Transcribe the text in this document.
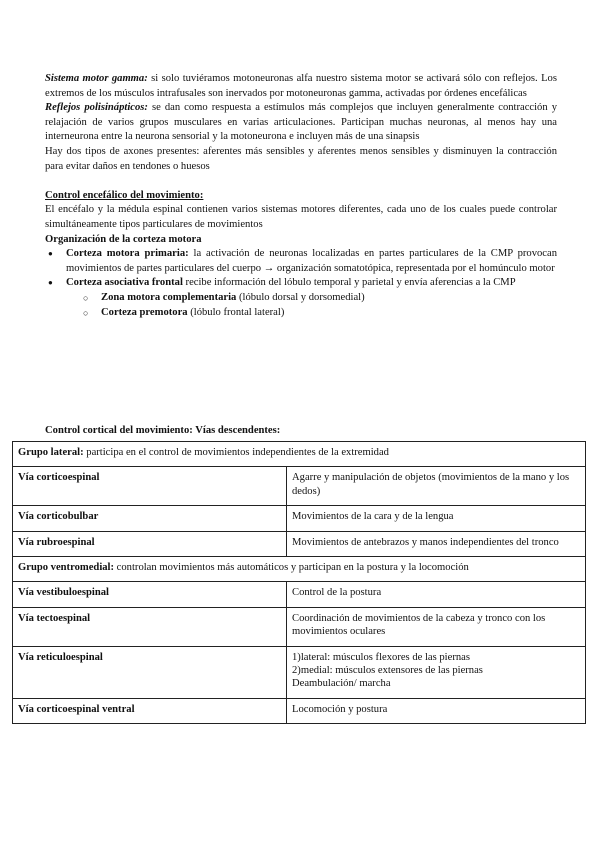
Sistema motor gamma: si solo tuviéramos motoneuronas alfa nuestro sistema motor se activará sólo con reflejos. Los extremos de los músculos intrafusales son inervados por motoneuronas gamma, activadas por órdenes encefálicas

Reflejos polisinápticos: se dan como respuesta a estímulos más complejos que incluyen generalmente contracción y relajación de varios grupos musculares en varias articulaciones. Participan muchas neuronas, al menos hay una interneurona entre la neurona sensorial y la motoneurona e incluyen más de una sinapsis

Hay dos tipos de axones presentes: aferentes más sensibles y aferentes menos sensibles y disminuyen la contracción para evitar daños en tendones o huesos

Control encefálico del movimiento:

El encéfalo y la médula espinal contienen varios sistemas motores diferentes, cada uno de los cuales puede controlar simultáneamente tipos particulares de movimientos

Organización de la corteza motora

● Corteza motora primaria: la activación de neuronas localizadas en partes particulares de la CMP provocan movimientos de partes particulares del cuerpo → organización somatotópica, representada por el homúnculo motor
● Corteza asociativa frontal recibe información del lóbulo temporal y parietal y envía aferencias a la CMP
○ Zona motora complementaria (lóbulo dorsal y dorsomedial)
○ Corteza premotora (lóbulo frontal lateral)
Control cortical del movimiento: Vías descendentes:
Grupo lateral: participa en el control de movimientos independientes de la extremidad	
Vía corticoespinal	Agarre y manipulación de objetos (movimientos de la mano y los dedos)
Vía corticobulbar	Movimientos de la cara y de la lengua
Vía rubroespinal	Movimientos de antebrazos y manos independientes del tronco
Grupo ventromedial: controlan movimientos más automáticos y participan en la postura y la locomoción	
Vía vestibuloespinal	Control de la postura
Vía tectoespinal	Coordinación de movimientos de la cabeza y tronco con los movimientos oculares
Vía reticuloespinal	1)lateral: músculos flexores de las piernas
2)medial: músculos extensores de las piernas
Deambulación/ marcha

Vía corticoespinal ventral	Locomoción y postura
